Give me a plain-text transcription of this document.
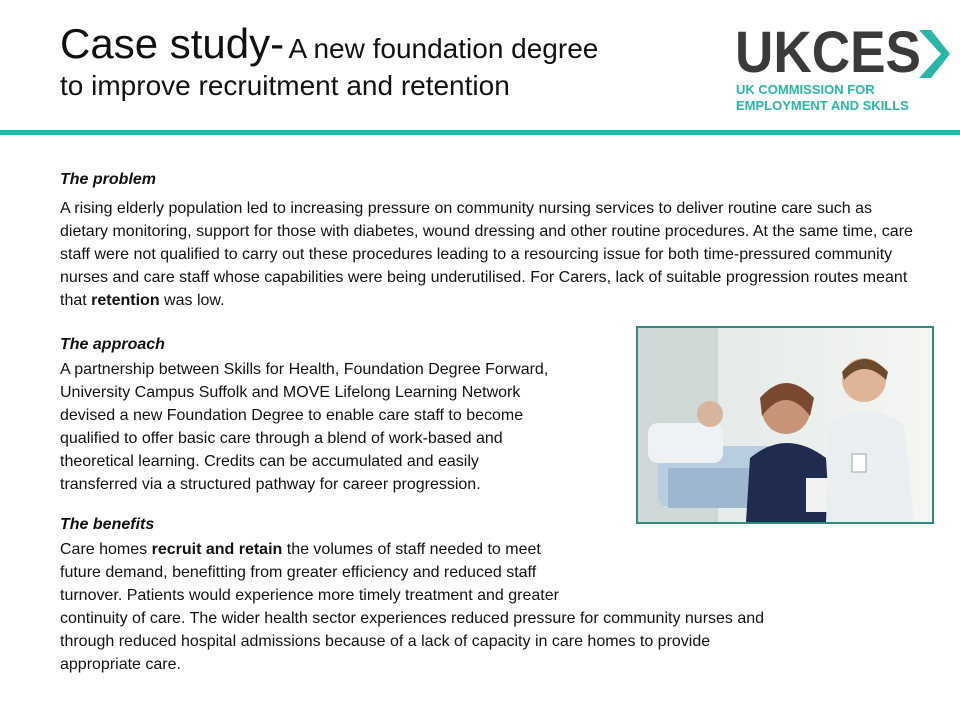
Case study- A new foundation degree
to improve recruitment and retention
UKCES
UK COMMISSION FOR
EMPLOYMENT AND SKILLS
The problem
A rising elderly population led to increasing pressure on community nursing services to deliver routine care such as dietary monitoring, support for those with diabetes, wound dressing and other routine procedures. At the same time, care staff were not qualified to carry out these procedures leading to a resourcing issue for both time-pressured community nurses and care staff whose capabilities were being underutilised. For Carers, lack of suitable progression routes meant that retention was low.
The approach
A partnership between Skills for Health, Foundation Degree Forward,
University Campus Suffolk and MOVE Lifelong Learning Network
devised a new Foundation Degree to enable care staff to become
qualified to offer basic care through a blend of work-based and
theoretical learning. Credits can be accumulated and easily
transferred via a structured pathway for career progression.
The benefits
Care homes recruit and retain the volumes of staff needed to meet
future demand, benefitting from greater efficiency and reduced staff
turnover. Patients would experience more timely treatment and greater
continuity of care. The wider health sector experiences reduced pressure for community nurses and
through reduced hospital admissions because of a lack of capacity in care homes to provide
appropriate care.
